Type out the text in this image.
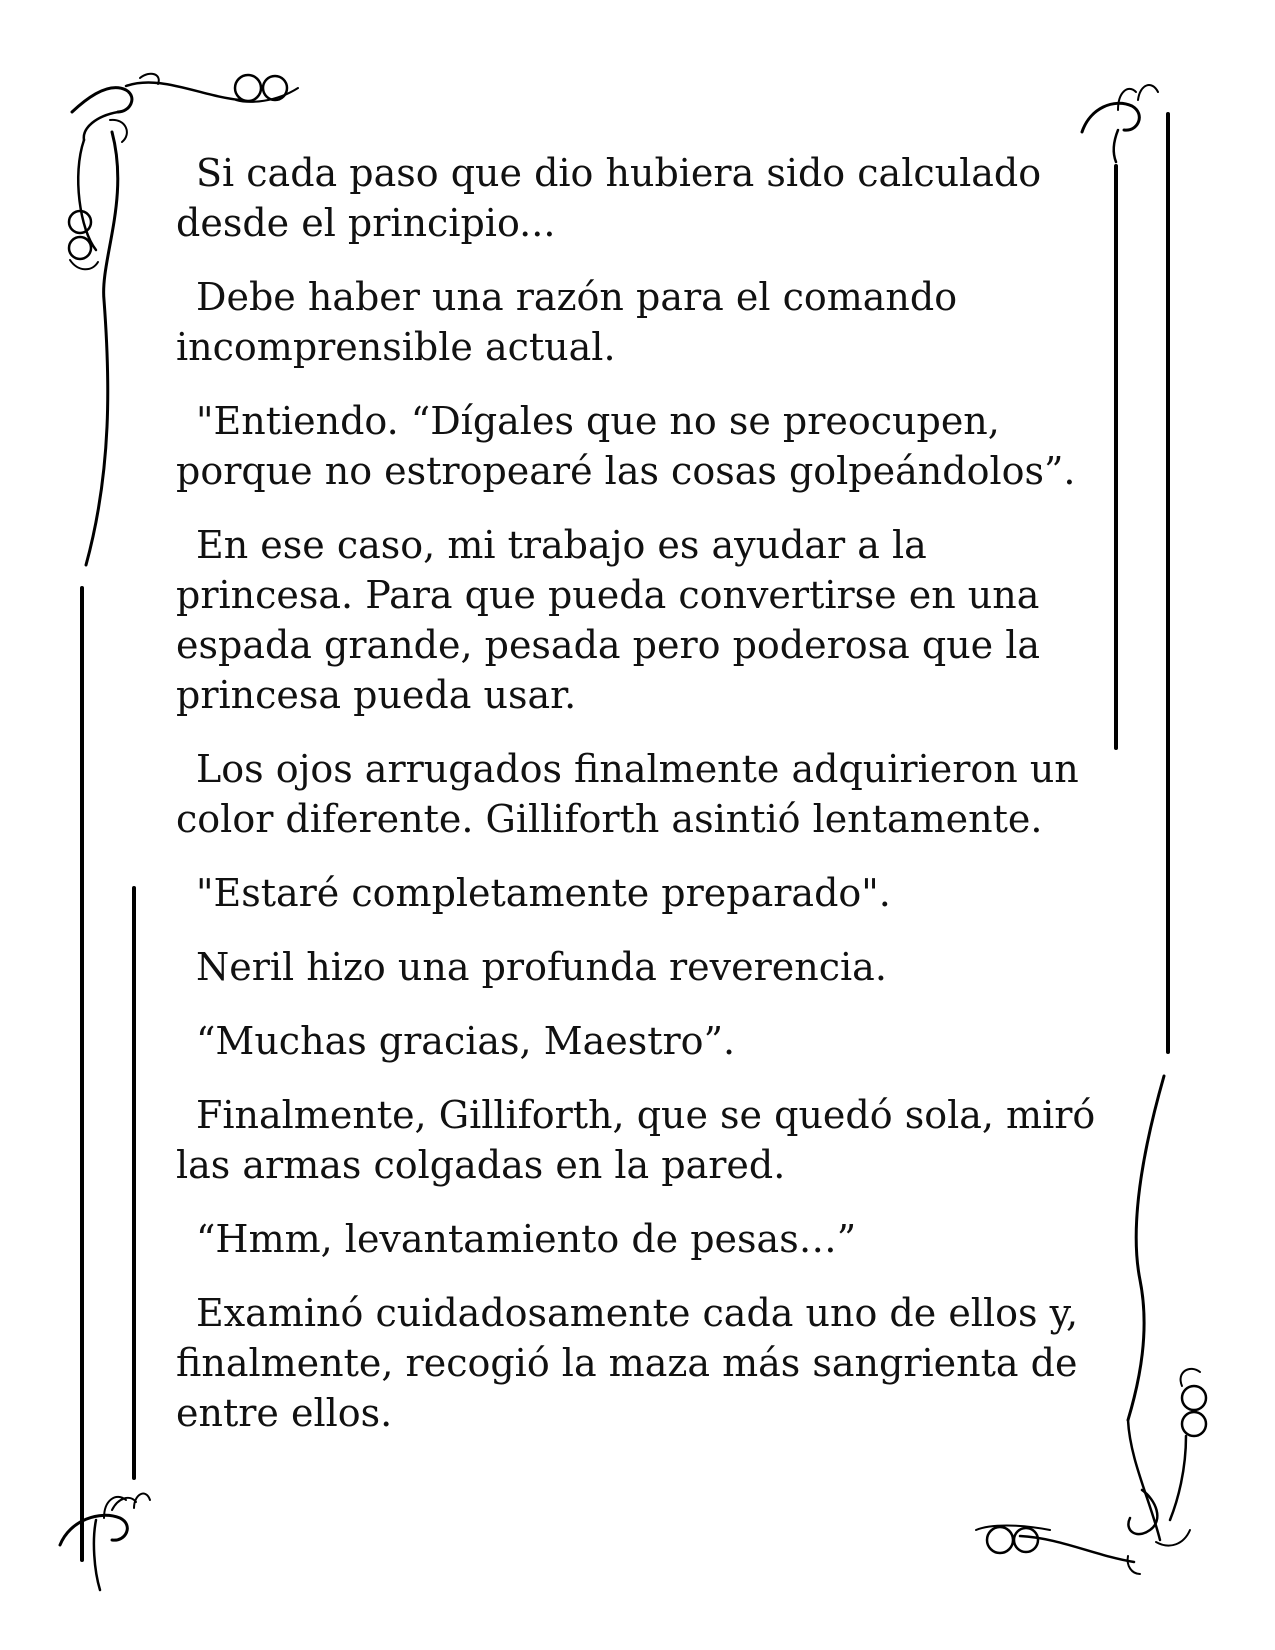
Si cada paso que dio hubiera sido calculado desde el principio...

Debe haber una razón para el comando incomprensible actual.

"Entiendo. “Dígales que no se preocupen, porque no estropearé las cosas golpeándolos”.

En ese caso, mi trabajo es ayudar a la princesa. Para que pueda convertirse en una espada grande, pesada pero poderosa que la princesa pueda usar.

Los ojos arrugados finalmente adquirieron un color diferente. Gilliforth asintió lentamente.

"Estaré completamente preparado".

Neril hizo una profunda reverencia.

“Muchas gracias, Maestro”.

Finalmente, Gilliforth, que se quedó sola, miró las armas colgadas en la pared.

“Hmm, levantamiento de pesas…”

Examinó cuidadosamente cada uno de ellos y, finalmente, recogió la maza más sangrienta de entre ellos.
